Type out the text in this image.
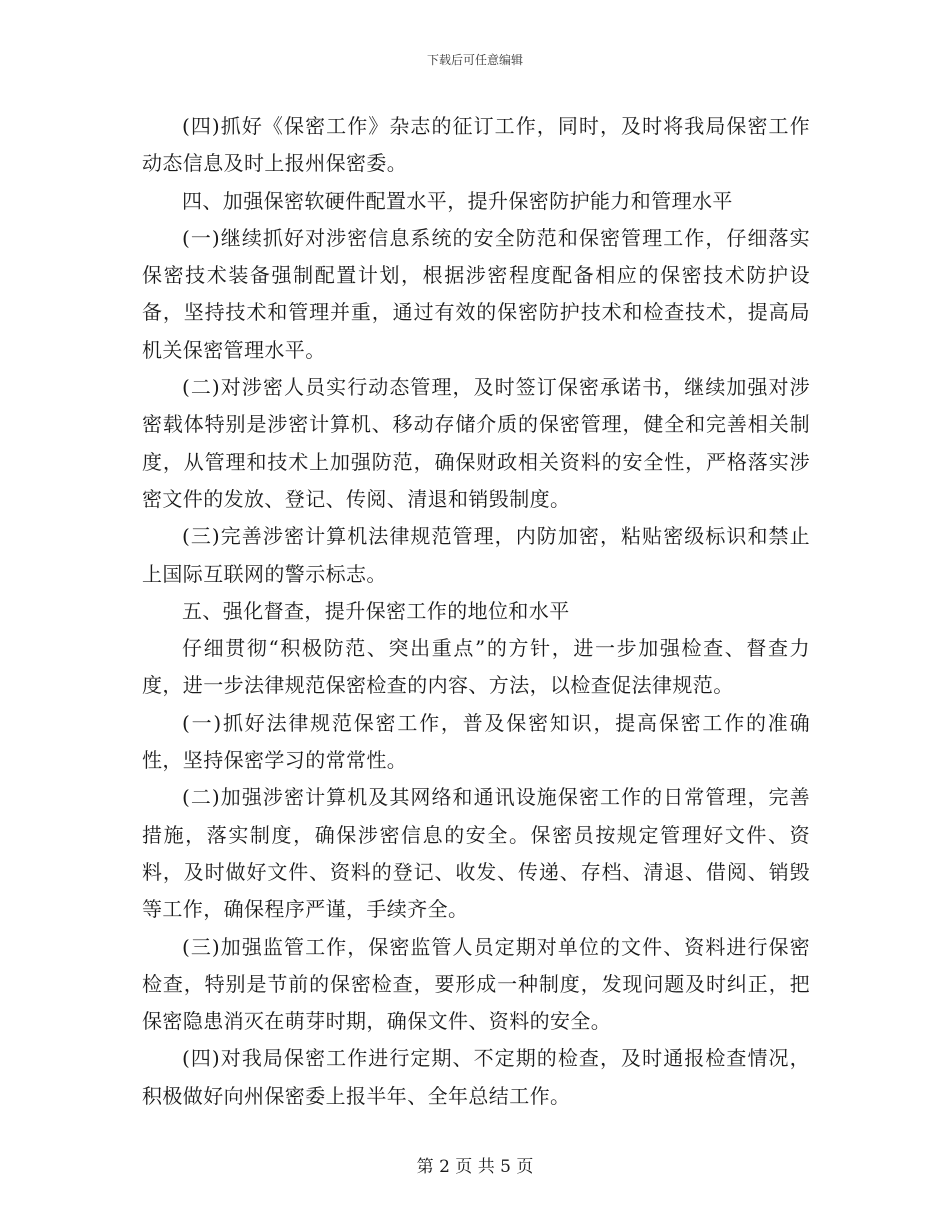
下载后可任意编辑

(四)抓好《保密工作》杂志的征订工作，同时，及时将我局保密工作动态信息及时上报州保密委。

四、加强保密软硬件配置水平，提升保密防护能力和管理水平

(一)继续抓好对涉密信息系统的安全防范和保密管理工作，仔细落实保密技术装备强制配置计划，根据涉密程度配备相应的保密技术防护设备，坚持技术和管理并重，通过有效的保密防护技术和检查技术，提高局机关保密管理水平。

(二)对涉密人员实行动态管理，及时签订保密承诺书，继续加强对涉密载体特别是涉密计算机、移动存储介质的保密管理，健全和完善相关制度，从管理和技术上加强防范，确保财政相关资料的安全性，严格落实涉密文件的发放、登记、传阅、清退和销毁制度。

(三)完善涉密计算机法律规范管理，内防加密，粘贴密级标识和禁止上国际互联网的警示标志。

五、强化督查，提升保密工作的地位和水平

仔细贯彻“积极防范、突出重点”的方针，进一步加强检查、督查力度，进一步法律规范保密检查的内容、方法，以检查促法律规范。

(一)抓好法律规范保密工作，普及保密知识，提高保密工作的准确性，坚持保密学习的常常性。

(二)加强涉密计算机及其网络和通讯设施保密工作的日常管理，完善措施，落实制度，确保涉密信息的安全。保密员按规定管理好文件、资料，及时做好文件、资料的登记、收发、传递、存档、清退、借阅、销毁等工作，确保程序严谨，手续齐全。

(三)加强监管工作，保密监管人员定期对单位的文件、资料进行保密检查，特别是节前的保密检查，要形成一种制度，发现问题及时纠正，把保密隐患消灭在萌芽时期，确保文件、资料的安全。

(四)对我局保密工作进行定期、不定期的检查，及时通报检查情况，积极做好向州保密委上报半年、全年总结工作。

第 2 页 共 5 页
